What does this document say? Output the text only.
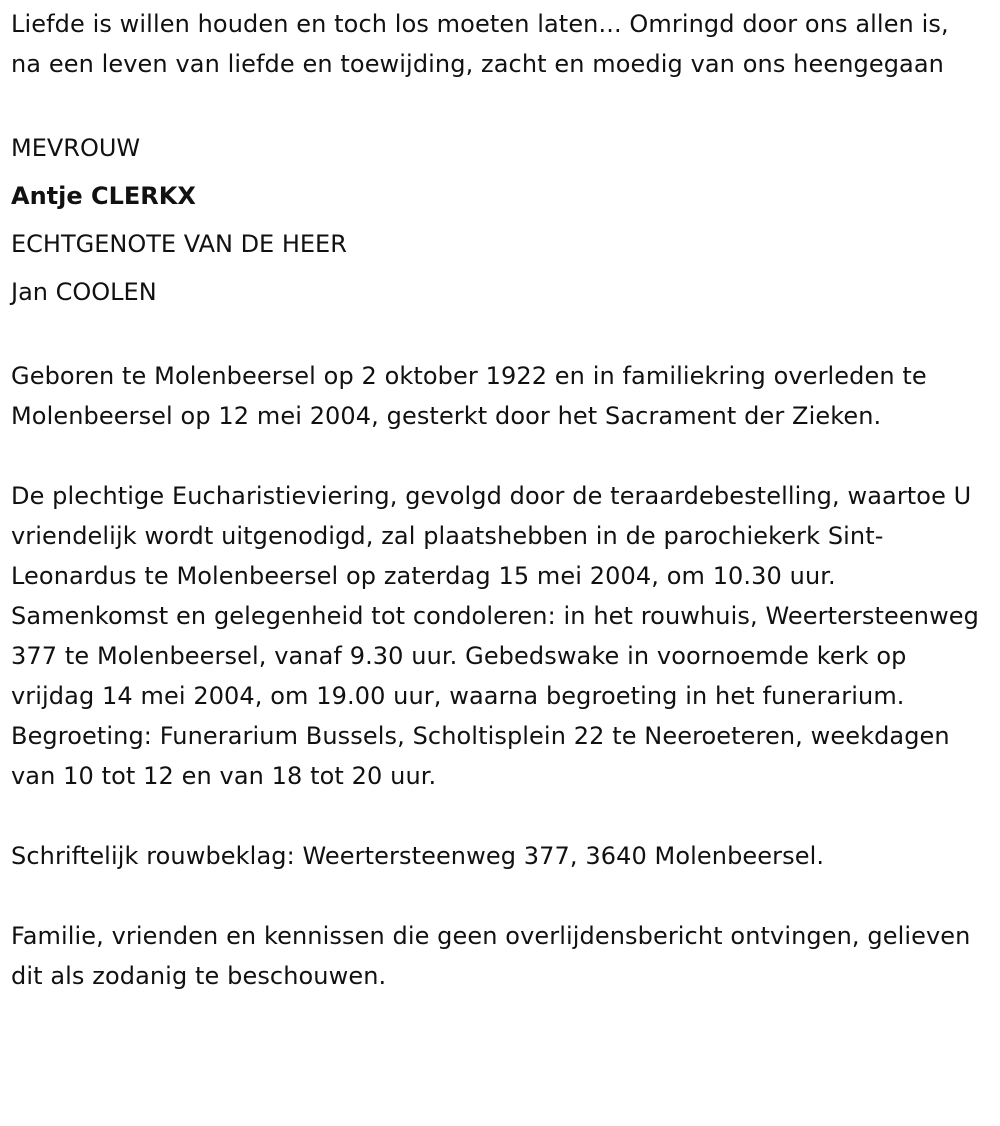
Liefde is willen houden en toch los moeten laten... Omringd door ons allen is, na een leven van liefde en toewijding, zacht en moedig van ons heengegaan

MEVROUW

Antje CLERKX

ECHTGENOTE VAN DE HEER

Jan COOLEN

Geboren te Molenbeersel op 2 oktober 1922 en in familiekring overleden te Molenbeersel op 12 mei 2004, gesterkt door het Sacrament der Zieken.

De plechtige Eucharistieviering, gevolgd door de teraardebestelling, waartoe U vriendelijk wordt uitgenodigd, zal plaatshebben in de parochiekerk Sint-Leonardus te Molenbeersel op zaterdag 15 mei 2004, om 10.30 uur. Samenkomst en gelegenheid tot condoleren: in het rouwhuis, Weertersteenweg 377 te Molenbeersel, vanaf 9.30 uur. Gebedswake in voornoemde kerk op vrijdag 14 mei 2004, om 19.00 uur, waarna begroeting in het funerarium. Begroeting: Funerarium Bussels, Scholtisplein 22 te Neeroeteren, weekdagen van 10 tot 12 en van 18 tot 20 uur.

Schriftelijk rouwbeklag: Weertersteenweg 377, 3640 Molenbeersel.

Familie, vrienden en kennissen die geen overlijdensbericht ontvingen, gelieven dit als zodanig te beschouwen.
